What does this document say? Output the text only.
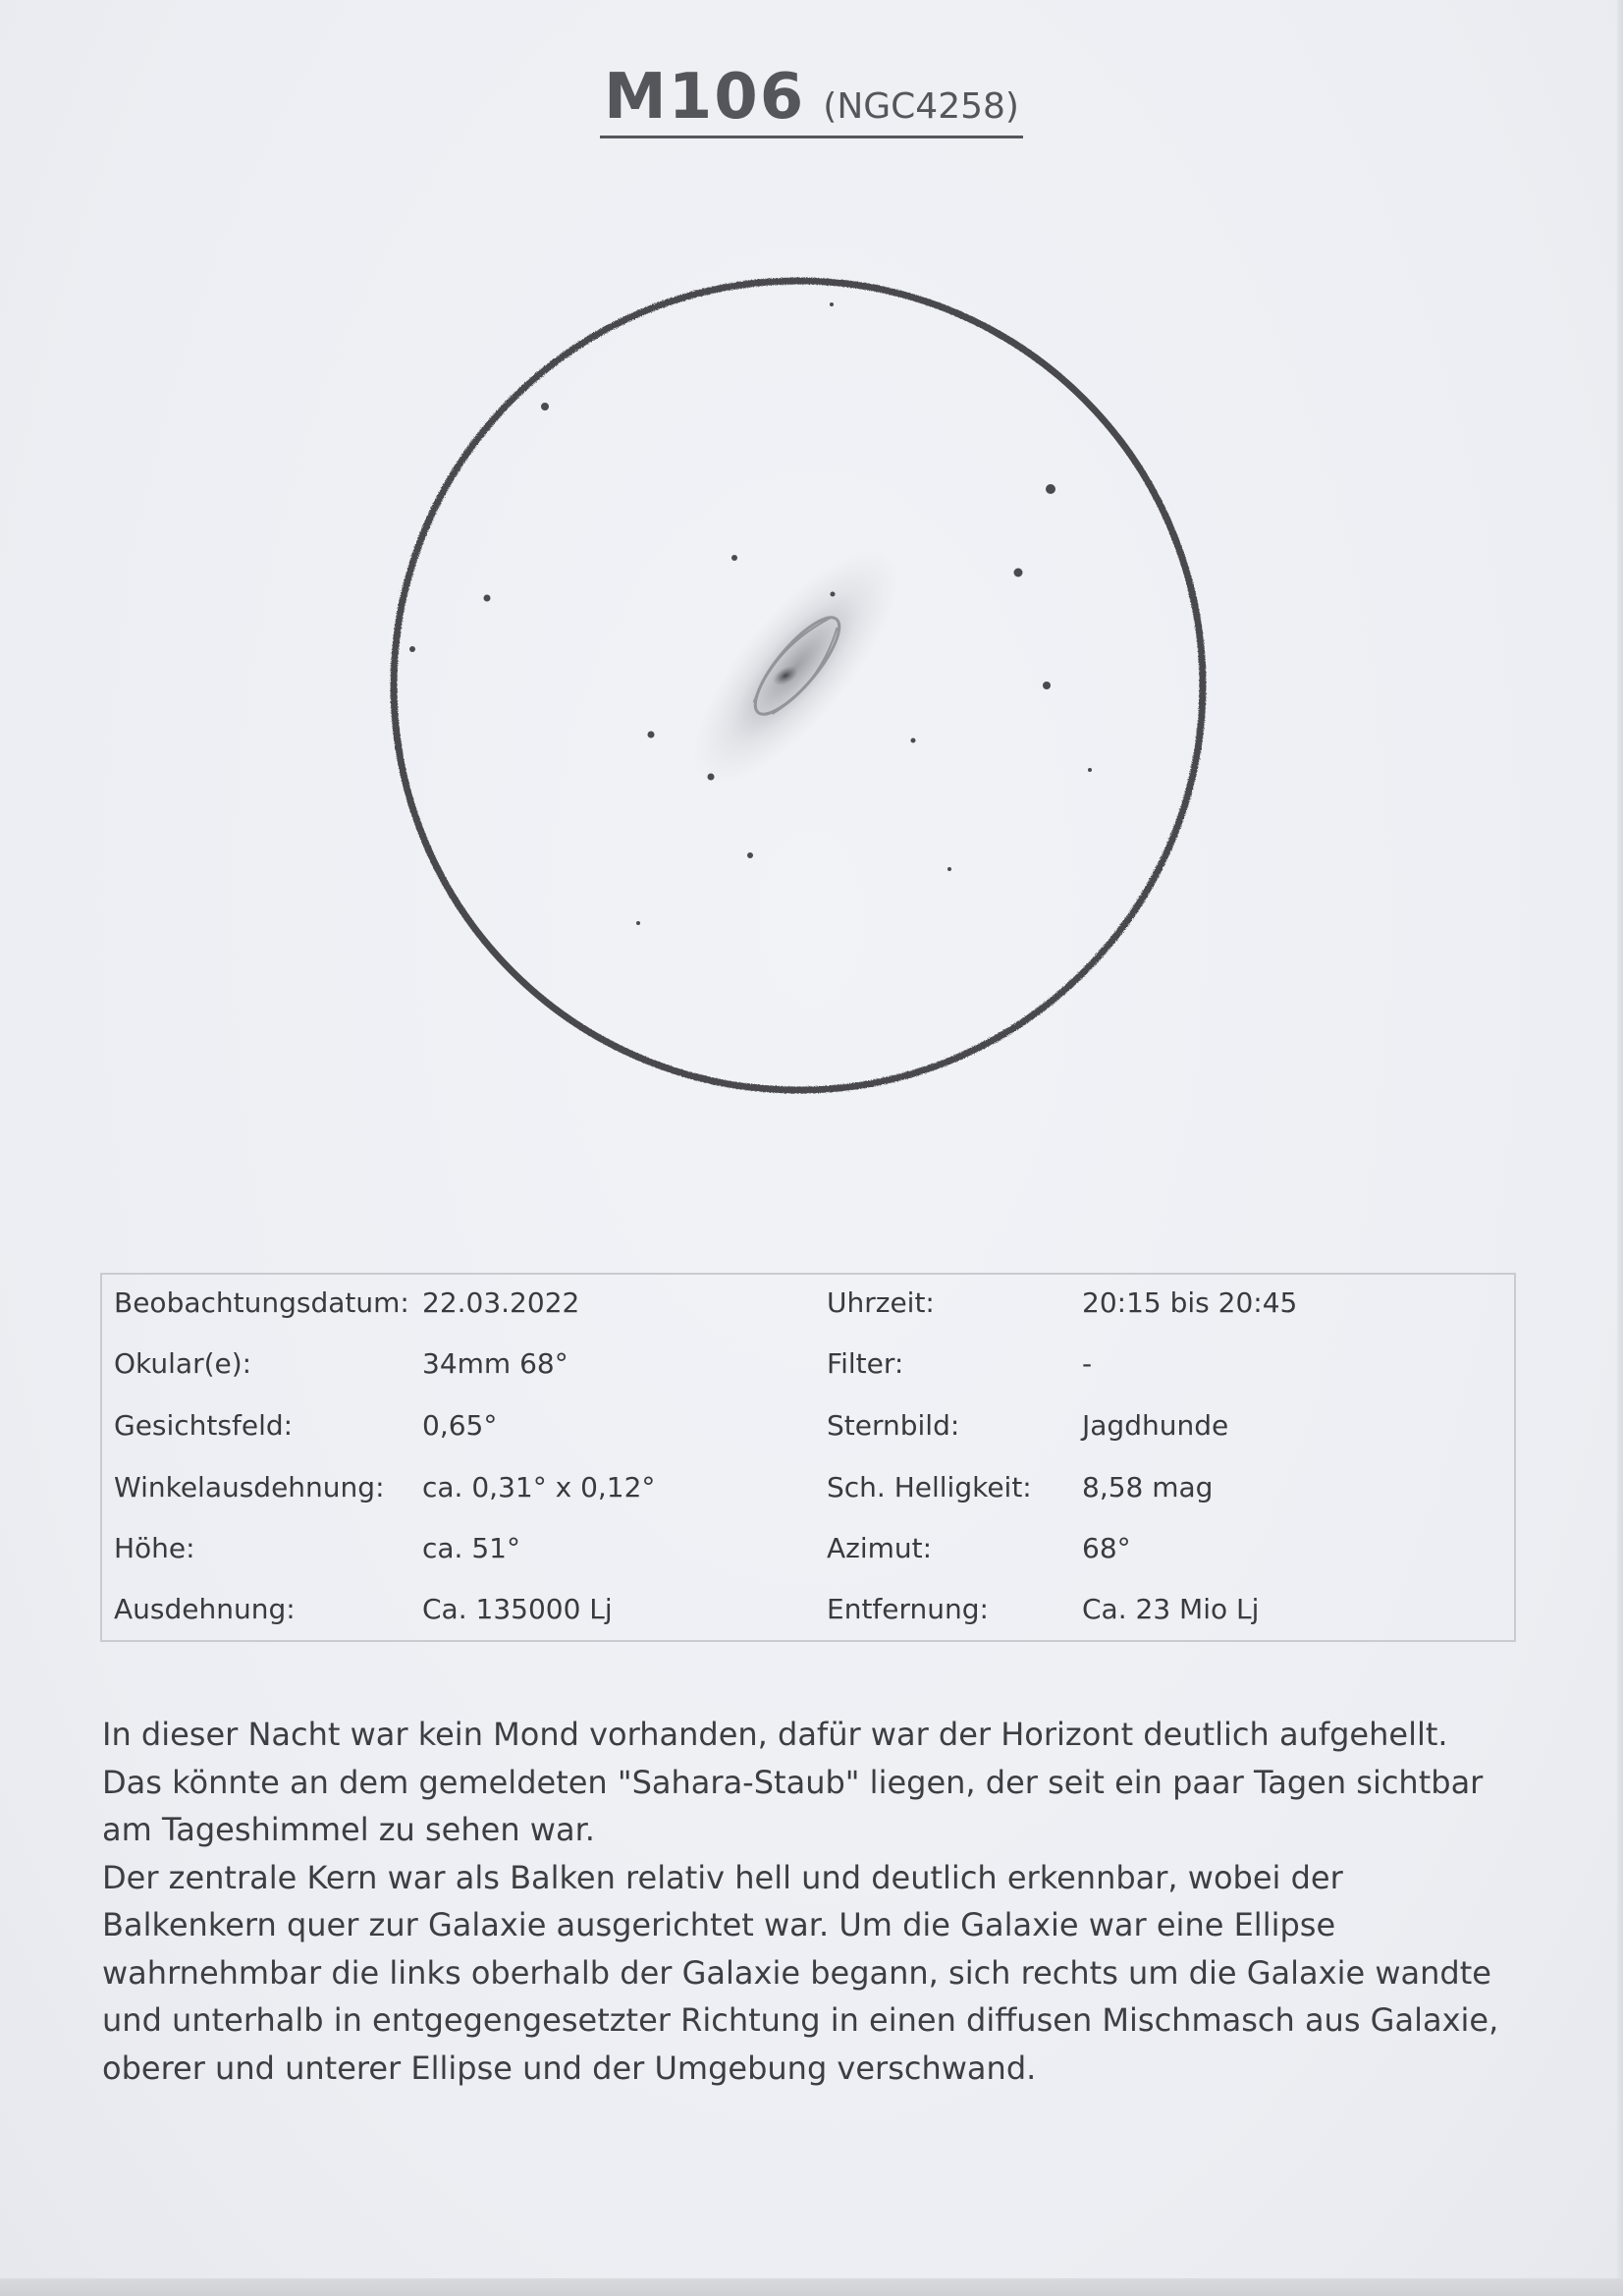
M106 (NGC4258)
Beobachtungsdatum: 22.03.2022	Uhrzeit:	20:15 bis 20:45
Okular(e):	34mm 68°	Filter:	-
Gesichtsfeld:	0,65°	Sternbild:	Jagdhunde
Winkelausdehnung: ca. 0,31° x 0,12°	Sch. Helligkeit: 8,58 mag
Höhe:	ca. 51°	Azimut:	68°
Ausdehnung:	Ca. 135000 Lj	Entfernung:	Ca. 23 Mio Lj

In dieser Nacht war kein Mond vorhanden, dafür war der Horizont deutlich aufgehellt.

Das könnte an dem gemeldeten "Sahara-Staub" liegen, der seit ein paar Tagen sichtbar

am Tageshimmel zu sehen war.

Der zentrale Kern war als Balken relativ hell und deutlich erkennbar, wobei der

Balkenkern quer zur Galaxie ausgerichtet war. Um die Galaxie war eine Ellipse

wahrnehmbar die links oberhalb der Galaxie begann, sich rechts um die Galaxie wandte

und unterhalb in entgegengesetzter Richtung in einen diffusen Mischmasch aus Galaxie,

oberer und unterer Ellipse und der Umgebung verschwand.
